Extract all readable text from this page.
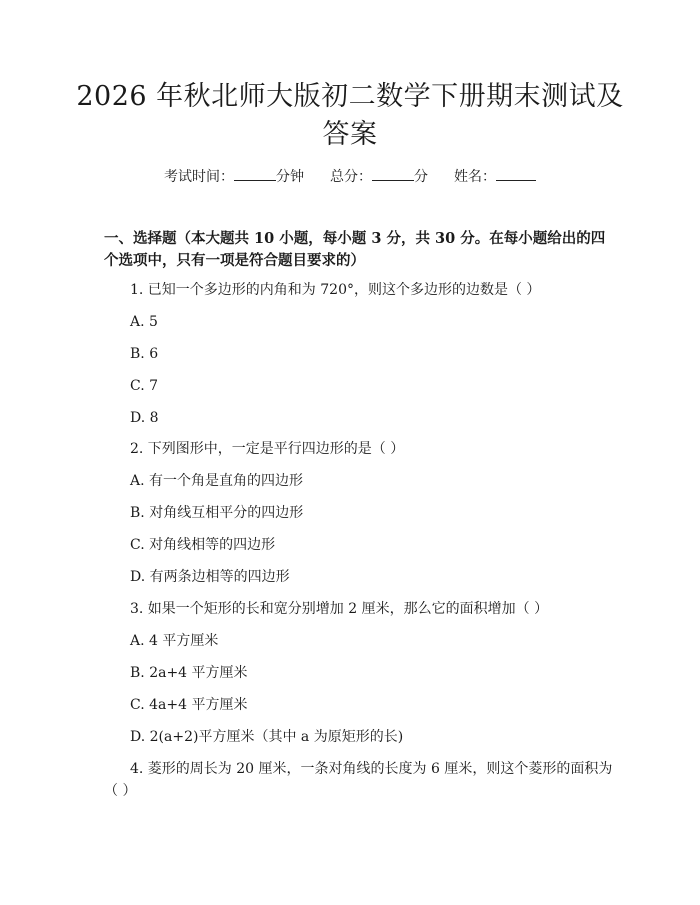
2026 年秋北师大版初二数学下册期末测试及
答案
考试时间：	分钟 总分：	分 姓名：
一、选择题（本大题共 10 小题，每小题 3 分，共 30 分。在每小题给出的四个选项中，只有一项是符合题目要求的）
1. 已知一个多边形的内角和为 720°，则这个多边形的边数是（ ）
A. 5
B. 6
C. 7
D. 8
2. 下列图形中，一定是平行四边形的是（ ）
A. 有一个角是直角的四边形
B. 对角线互相平分的四边形
C. 对角线相等的四边形
D. 有两条边相等的四边形
3. 如果一个矩形的长和宽分别增加 2 厘米，那么它的面积增加（ ）
A. 4 平方厘米
B. 2a+4 平方厘米
C. 4a+4 平方厘米
D. 2(a+2)平方厘米（其中 a 为原矩形的长)
4. 菱形的周长为 20 厘米，一条对角线的长度为 6 厘米，则这个菱形的面积为（ ）
